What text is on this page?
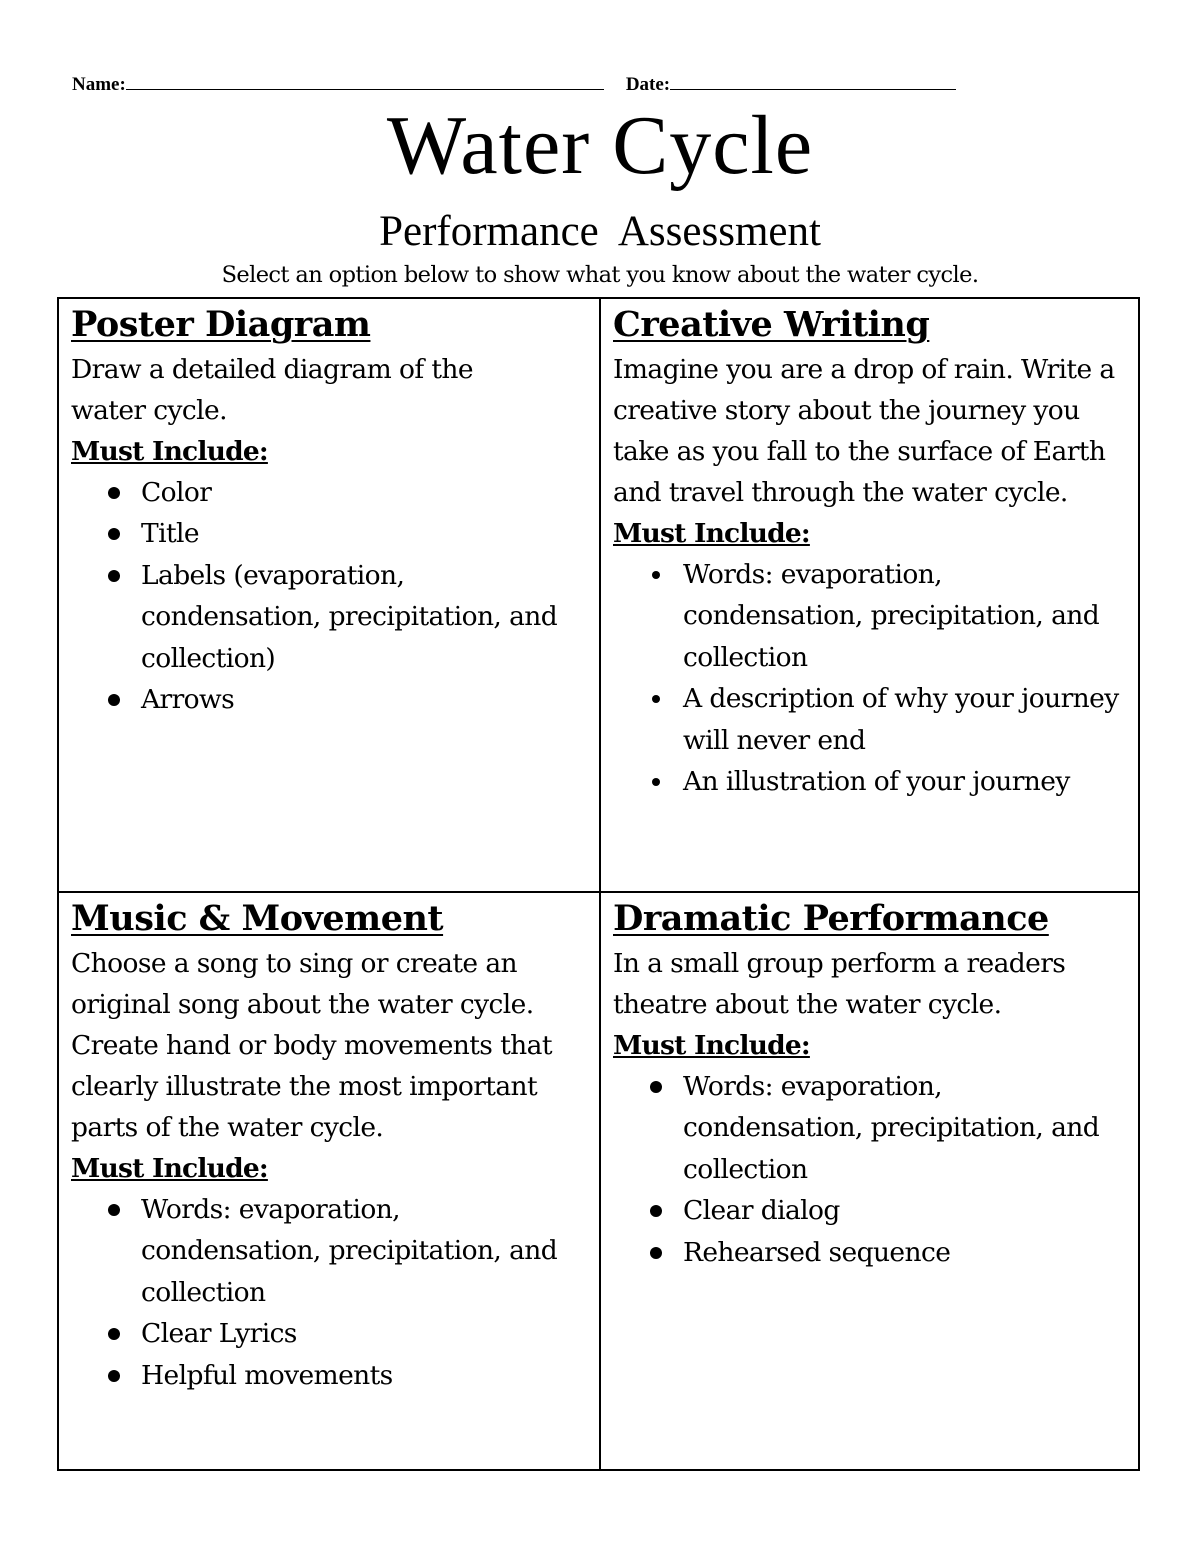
Name:	Date:
Water Cycle
Performance  Assessment
Select an option below to show what you know about the water cycle.
Poster Diagram
Draw a detailed diagram of the water cycle.
Must Include:
Color
Title
Labels (evaporation, condensation, precipitation, and collection)
Arrows
Creative Writing
Imagine you are a drop of rain. Write a creative story about the journey you take as you fall to the surface of Earth and travel through the water cycle.
Must Include:
Words: evaporation, condensation, precipitation, and collection
A description of why your journey will never end
An illustration of your journey
Music & Movement
Choose a song to sing or create an original song about the water cycle. Create hand or body movements that clearly illustrate the most important parts of the water cycle.
Must Include:
Words: evaporation, condensation, precipitation, and collection
Clear Lyrics
Helpful movements
Dramatic Performance
In a small group perform a readers theatre about the water cycle.
Must Include:
Words: evaporation, condensation, precipitation, and collection
Clear dialog
Rehearsed sequence
